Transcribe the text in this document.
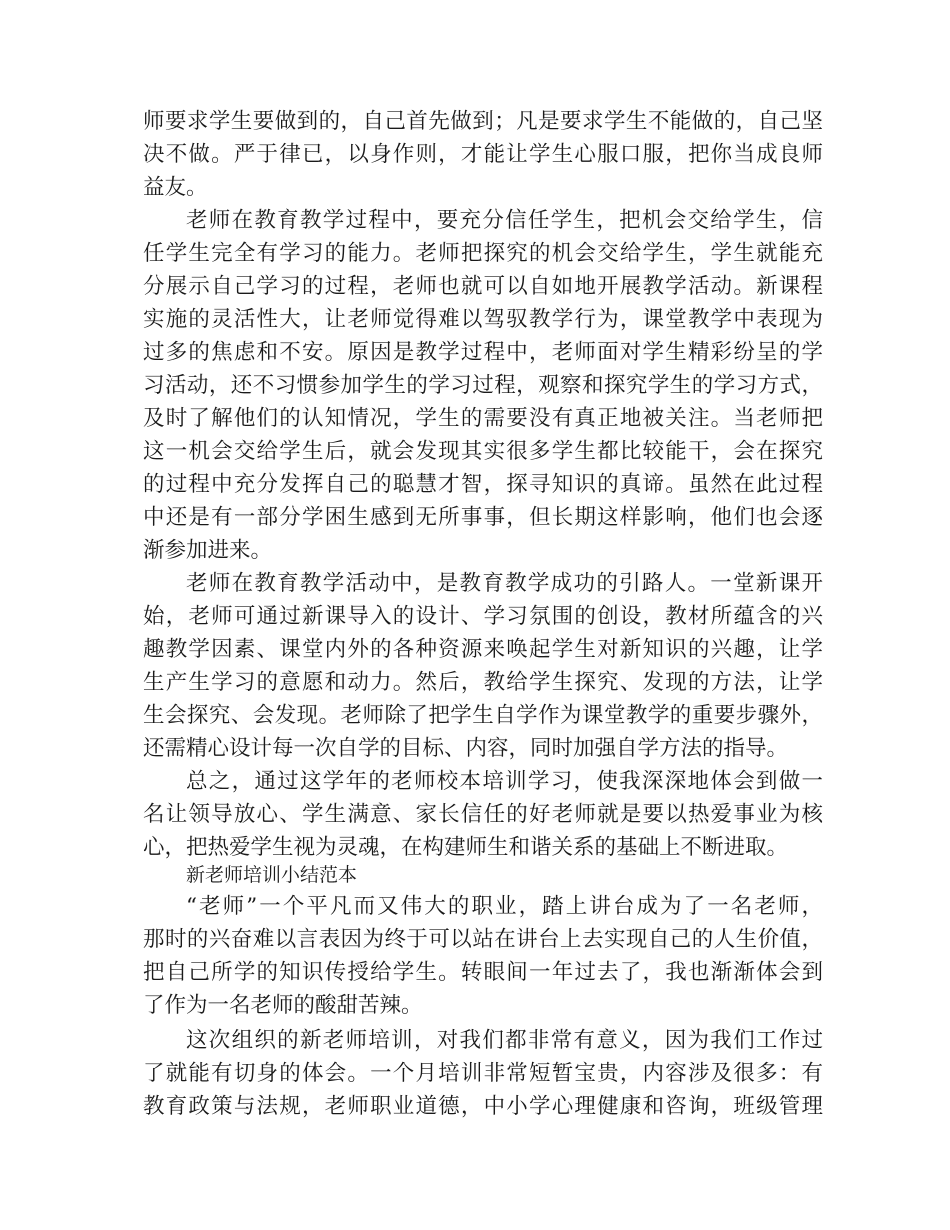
师要求学生要做到的，自己首先做到；凡是要求学生不能做的，自己坚
决不做。严于律已，以身作则，才能让学生心服口服，把你当成良师
益友。
老师在教育教学过程中，要充分信任学生，把机会交给学生，信
任学生完全有学习的能力。老师把探究的机会交给学生，学生就能充
分展示自己学习的过程，老师也就可以自如地开展教学活动。新课程
实施的灵活性大，让老师觉得难以驾驭教学行为，课堂教学中表现为
过多的焦虑和不安。原因是教学过程中，老师面对学生精彩纷呈的学
习活动，还不习惯参加学生的学习过程，观察和探究学生的学习方式，
及时了解他们的认知情况，学生的需要没有真正地被关注。当老师把
这一机会交给学生后，就会发现其实很多学生都比较能干，会在探究
的过程中充分发挥自己的聪慧才智，探寻知识的真谛。虽然在此过程
中还是有一部分学困生感到无所事事，但长期这样影响，他们也会逐
渐参加进来。
老师在教育教学活动中，是教育教学成功的引路人。一堂新课开
始，老师可通过新课导入的设计、学习氛围的创设，教材所蕴含的兴
趣教学因素、课堂内外的各种资源来唤起学生对新知识的兴趣，让学
生产生学习的意愿和动力。然后，教给学生探究、发现的方法，让学
生会探究、会发现。老师除了把学生自学作为课堂教学的重要步骤外，
还需精心设计每一次自学的目标、内容，同时加强自学方法的指导。
总之，通过这学年的老师校本培训学习，使我深深地体会到做一
名让领导放心、学生满意、家长信任的好老师就是要以热爱事业为核
心，把热爱学生视为灵魂，在构建师生和谐关系的基础上不断进取。
新老师培训小结范本
“老师”一个平凡而又伟大的职业，踏上讲台成为了一名老师，
那时的兴奋难以言表因为终于可以站在讲台上去实现自己的人生价值，
把自己所学的知识传授给学生。转眼间一年过去了，我也渐渐体会到
了作为一名老师的酸甜苦辣。
这次组织的新老师培训，对我们都非常有意义，因为我们工作过
了就能有切身的体会。一个月培训非常短暂宝贵，内容涉及很多：有
教育政策与法规，老师职业道德，中小学心理健康和咨询，班级管理
